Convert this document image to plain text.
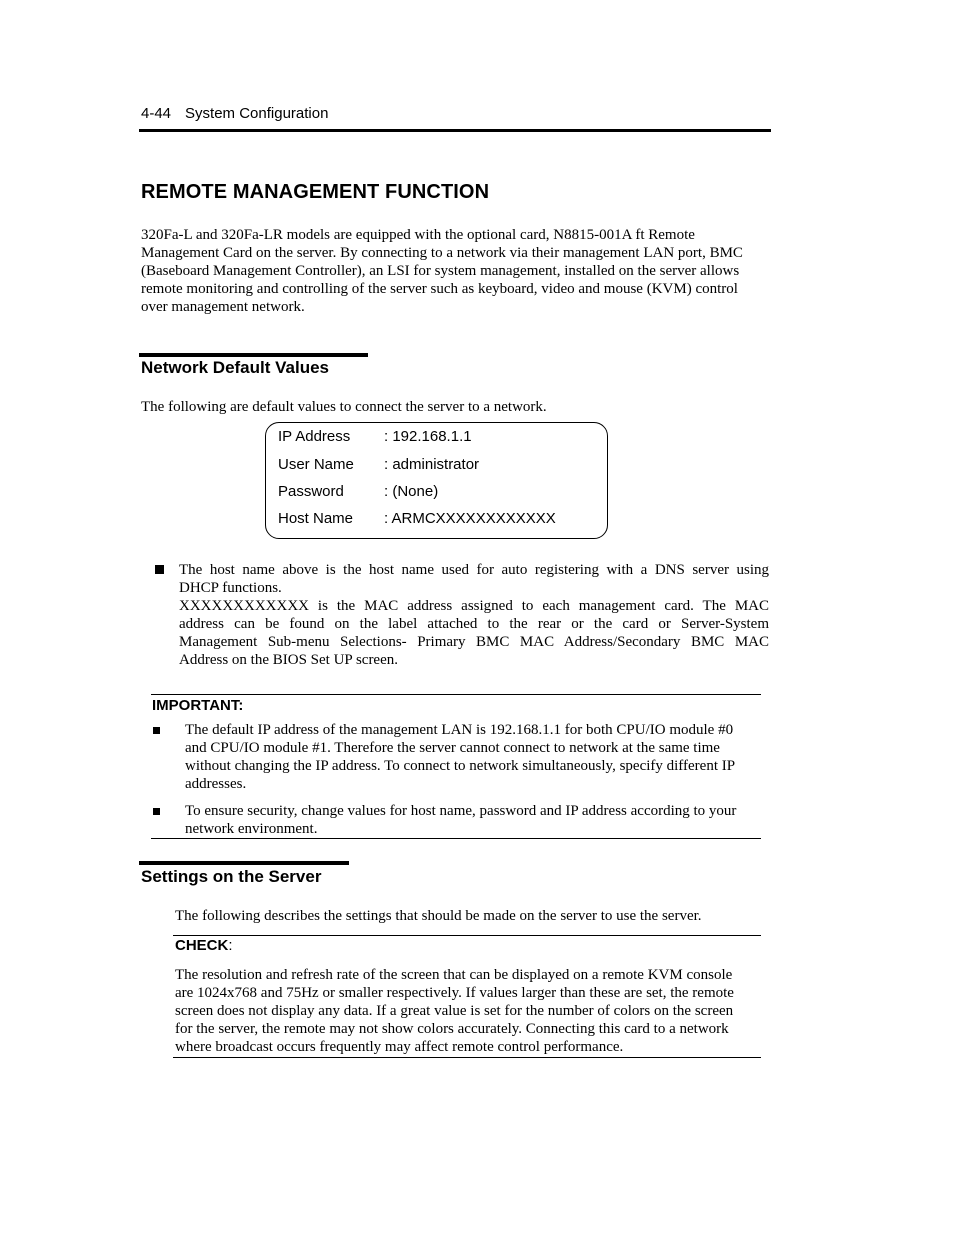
4-44 System Configuration
REMOTE MANAGEMENT FUNCTION
320Fa-L and 320Fa-LR models are equipped with the optional card, N8815-001A ft Remote
Management Card on the server. By connecting to a network via their management LAN port, BMC
(Baseboard Management Controller), an LSI for system management, installed on the server allows
remote monitoring and controlling of the server such as keyboard, video and mouse (KVM) control
over management network.
Network Default Values
The following are default values to connect the server to a network.
IP Address : 192.168.1.1
User Name : administrator
Password	: (None)
Host Name : ARMCXXXXXXXXXXXX
The host name above is the host name used for auto registering with a DNS server using
DHCP functions.
XXXXXXXXXXXX is the MAC address assigned to each management card. The MAC
address can be found on the label attached to the rear or the card or Server-System
Management Sub-menu Selections- Primary BMC MAC Address/Secondary BMC MAC
Address on the BIOS Set UP screen.
IMPORTANT:
The default IP address of the management LAN is 192.168.1.1 for both CPU/IO module #0
and CPU/IO module #1. Therefore the server cannot connect to network at the same time
without changing the IP address. To connect to network simultaneously, specify different IP
addresses.
To ensure security, change values for host name, password and IP address according to your
network environment.
Settings on the Server
The following describes the settings that should be made on the server to use the server.
CHECK:
The resolution and refresh rate of the screen that can be displayed on a remote KVM console
are 1024x768 and 75Hz or smaller respectively. If values larger than these are set, the remote
screen does not display any data. If a great value is set for the number of colors on the screen
for the server, the remote may not show colors accurately. Connecting this card to a network
where broadcast occurs frequently may affect remote control performance.
